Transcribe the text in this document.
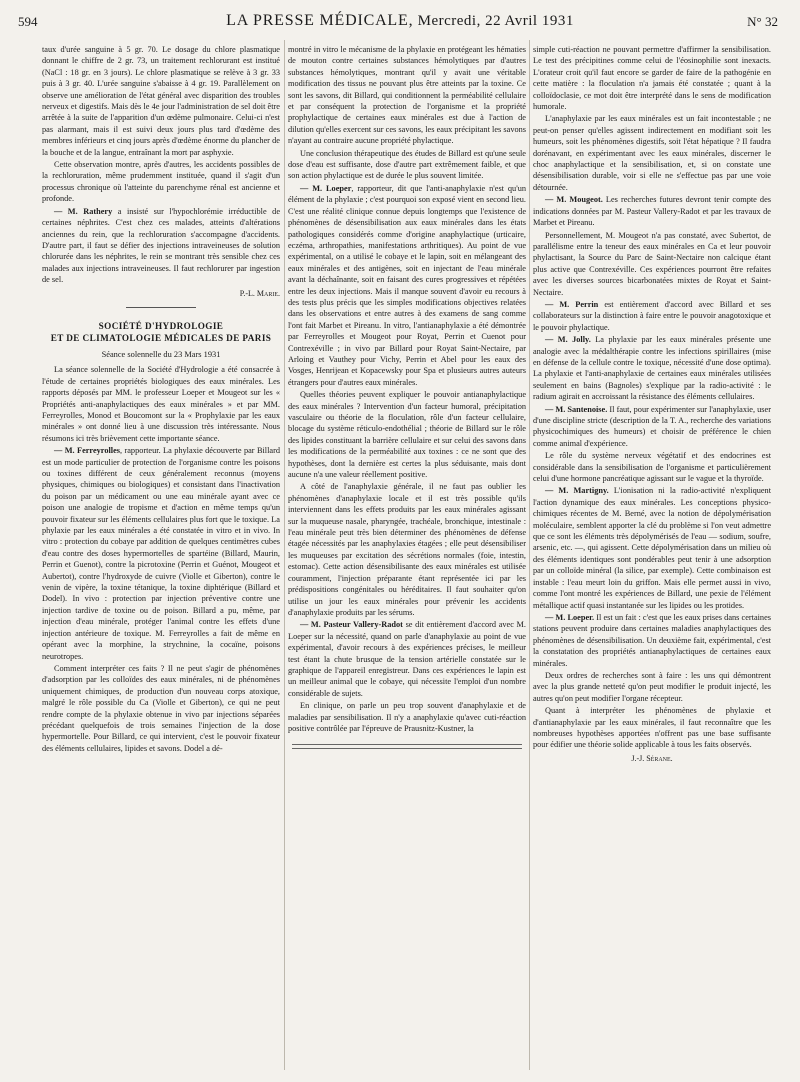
594	LA PRESSE MÉDICALE, Mercredi, 22 Avril 1931	N° 32

taux d'urée sanguine à 5 gr. 70. Le dosage du chlore plasmatique donnant le chiffre de 2 gr. 73, un traitement rechlorurant est institué (NaCl : 18 gr. en 3 jours). Le chlore plasmatique se relève à 3 gr. 33 puis à 3 gr. 40. L'urée sanguine s'abaisse à 4 gr. 19. Parallèlement on observe une amélioration de l'état général avec disparition des troubles nerveux et digestifs. Mais dès le 4e jour l'administration de sel doit être arrêtée à la suite de l'apparition d'un œdème pulmonaire. Celui-ci n'est pas alarmant, mais il est suivi deux jours plus tard d'œdème des membres inférieurs et cinq jours après d'œdème énorme du plancher de la bouche et de la langue, entraînant la mort par asphyxie.

Cette observation montre, après d'autres, les accidents possibles de la rechloruration, même prudemment instituée, quand il s'agit d'un processus chronique où l'atteinte du parenchyme rénal est ancienne et profonde.

— M. Rathery a insisté sur l'hypochlorémie irréductible de certaines néphrites. C'est chez ces malades, atteints d'altérations anciennes du rein, que la rechloruration s'accompagne d'accidents. D'autre part, il faut se défier des injections intraveineuses de solution chlorurée dans les néphrites, le rein se montrant très sensible chez ces malades aux injections intraveineuses. Il faut rechlorurer par ingestion de sel.

P.-L. Marie.
SOCIÉTÉ D'HYDROLOGIE
ET DE CLIMATOLOGIE MÉDICALES DE PARIS
Séance solennelle du 23 Mars 1931

La séance solennelle de la Société d'Hydrologie a été consacrée à l'étude de certaines propriétés biologiques des eaux minérales. Les rapports déposés par MM. le professeur Loeper et Mougeot sur les « Propriétés anti-anaphylactiques des eaux minérales » et par MM. Ferreyrolles, Monod et Boucomont sur la « Prophylaxie par les eaux minérales » ont donné lieu à une discussion très intéressante. Nous résumons ici très brièvement cette importante séance.

— M. Ferreyrolles, rapporteur. La phylaxie découverte par Billard est un mode particulier de protection de l'organisme contre les poisons ou toxines différent de ceux généralement reconnus (moyens physiques, chimiques ou biologiques) et consistant dans l'inactivation du poison par un médicament ou une eau minérale ayant avec ce poison une analogie de tropisme et d'action en même temps qu'un pouvoir fixateur sur les éléments cellulaires plus fort que le toxique. La phylaxie par les eaux minérales a été constatée in vitro et in vivo. In vitro : protection du cobaye par addition de quelques centimètres cubes d'eau contre des doses hypermortelles de spartéine (Billard, Maurin, Perrin et Guenot), contre la picrotoxine (Perrin et Guénot, Mougeot et Aubertot), contre l'hydroxyde de cuivre (Violle et Giberton), contre le venin de vipère, la toxine tétanique, la toxine diphtérique (Billard et Dodel). In vivo : protection par injection préventive contre une injection tardive de toxine ou de poison. Billard a pu, même, par injection d'eau minérale, protéger l'animal contre les effets d'une injection antérieure de toxique. M. Ferreyrolles a fait de même en opérant avec la morphine, la strychnine, la cocaïne, poisons neurotropes.

Comment interpréter ces faits ? Il ne peut s'agir de phénomènes d'adsorption par les colloïdes des eaux minérales, ni de phénomènes uniquement chimiques, de production d'un nouveau corps atoxique, malgré le rôle possible du Ca (Violle et Giberton), ce qui ne peut rendre compte de la phylaxie obtenue in vivo par injections séparées précédant quelquefois de trois semaines l'injection de la dose hypermortelle. Pour Billard, ce qui intervient, c'est le pouvoir fixateur des éléments cellulaires, lipides et savons. Dodel a dé-

montré in vitro le mécanisme de la phylaxie en protégeant les hématies de mouton contre certaines substances hémolytiques par d'autres substances hémolytiques, montrant qu'il y avait une véritable modification des tissus ne pouvant plus être atteints par la toxine. Ce sont les savons, dit Billard, qui conditionnent la perméabilité cellulaire et par conséquent la protection de l'organisme et la propriété prophylactique de certaines eaux minérales est due à l'action de dilution qu'elles exercent sur ces savons, les eaux précipitant les savons n'ayant au contraire aucune propriété phylactique.

Une conclusion thérapeutique des études de Billard est qu'une seule dose d'eau est suffisante, dose d'autre part extrêmement faible, et que son action phylactique est de durée le plus souvent limitée.

— M. Loeper, rapporteur, dit que l'anti-anaphylaxie n'est qu'un élément de la phylaxie ; c'est pourquoi son exposé vient en second lieu. C'est une réalité clinique connue depuis longtemps que l'existence de phénomènes de désensibilisation aux eaux minérales dans les états pathologiques considérés comme d'origine anaphylactique (urticaire, eczéma, arthropathies, manifestations arthritiques). Au point de vue expérimental, on a utilisé le cobaye et le lapin, soit en mélangeant des eaux minérales et des antigènes, soit en injectant de l'eau minérale avant la déchaînante, soit en faisant des cures progressives et répétées entre les deux injections. Mais il manque souvent d'avoir eu recours à des tests plus précis que les simples modifications objectives relatées dans les observations et entre autres à des examens de sang comme l'ont fait Marbet et Pireanu. In vitro, l'antianaphylaxie a été démontrée par Ferreyrolles et Mougeot pour Royat, Perrin et Cuenot pour Contrexéville ; in vivo par Billard pour Royat Saint-Nectaire, par Arloing et Vauthey pour Vichy, Perrin et Abel pour les eaux des Vosges, Henrijean et Kopacewsky pour Spa et plusieurs autres auteurs étrangers pour d'autres eaux minérales.

Quelles théories peuvent expliquer le pouvoir antianaphylactique des eaux minérales ? Intervention d'un facteur humoral, précipitation vasculaire ou théorie de la floculation, rôle d'un facteur cellulaire, blocage du système réticulo-endothélial ; théorie de Billard sur le rôle des lipides constituant la barrière cellulaire et sur celui des savons dans les modifications de la perméabilité aux toxines : ce ne sont que des hypothèses, dont la dernière est certes la plus séduisante, mais dont aucune n'a une valeur réellement positive.

A côté de l'anaphylaxie générale, il ne faut pas oublier les phénomènes d'anaphylaxie locale et il est très possible qu'ils interviennent dans les effets produits par les eaux minérales agissant sur la muqueuse nasale, pharyngée, trachéale, bronchique, intestinale : l'eau minérale peut très bien déterminer des phénomènes de défense étagée nécessités par les anaphylaxies étagées ; elle peut désensibiliser les muqueuses par excitation des sécrétions normales (foie, intestin, estomac). Cette action désensibilisante des eaux minérales est utilisée couramment, l'injection préparante étant représentée ici par les prédispositions congénitales ou héréditaires. Il faut souhaiter qu'on utilise un jour les eaux minérales pour prévenir les accidents d'anaphylaxie produits par les sérums.

— M. Pasteur Vallery-Radot se dit entièrement d'accord avec M. Loeper sur la nécessité, quand on parle d'anaphylaxie au point de vue expérimental, d'avoir recours à des expériences précises, le meilleur test étant la chute brusque de la tension artérielle constatée sur le graphique de l'appareil enregistreur. Dans ces expériences le lapin est un meilleur animal que le cobaye, qui nécessite l'emploi d'un nombre considérable de sujets.

En clinique, on parle un peu trop souvent d'anaphylaxie et de maladies par sensibilisation. Il n'y a anaphylaxie qu'avec cuti-réaction positive contrôlée par l'épreuve de Prausnitz-Kustner, la

simple cuti-réaction ne pouvant permettre d'affirmer la sensibilisation. Le test des précipitines comme celui de l'éosinophilie sont inexacts. L'orateur croit qu'il faut encore se garder de faire de la pathogénie en cette matière : la floculation n'a jamais été constatée ; quant à la colloïdoclasie, ce mot doit être interprété dans le sens de modification humorale.

L'anaphylaxie par les eaux minérales est un fait incontestable ; ne peut-on penser qu'elles agissent indirectement en modifiant soit les humeurs, soit les phénomènes digestifs, soit l'état hépatique ? Il faudra dorénavant, en expérimentant avec les eaux minérales, discerner le choc anaphylactique et la sensibilisation, et, si on constate une désensibilisation durable, voir si elle ne s'effectue pas par une voie détournée.

— M. Mougeot. Les recherches futures devront tenir compte des indications données par M. Pasteur Vallery-Radot et par les travaux de Marbet et Pireanu.

Personnellement, M. Mougeot n'a pas constaté, avec Subertot, de parallélisme entre la teneur des eaux minérales en Ca et leur pouvoir phylactisant, la Source du Parc de Saint-Nectaire non calcique étant plus active que Contrexéville. Ces expériences pourront être refaites avec les diverses sources bicarbonatées mixtes de Royat et Saint-Nectaire.

— M. Perrin est entièrement d'accord avec Billard et ses collaborateurs sur la distinction à faire entre le pouvoir anagotoxique et le pouvoir phylactique.

— M. Jolly. La phylaxie par les eaux minérales présente une analogie avec la médalthérapie contre les infections spirillaires (mise en défense de la cellule contre le toxique, nécessité d'une dose optima). La phylaxie et l'anti-anaphylaxie de certaines eaux minérales utilisées seulement en bains (Bagnoles) s'explique par la radio-activité : le radium agirait en accroissant la résistance des éléments cellulaires.

— M. Santenoise. Il faut, pour expérimenter sur l'anaphylaxie, user d'une discipline stricte (description de la T. A., recherche des variations physicochimiques des humeurs) et choisir de préférence le chien comme animal d'expérience.

Le rôle du système nerveux végétatif et des endocrines est considérable dans la sensibilisation de l'organisme et particulièrement celui d'une hormone pancréatique agissant sur le vague et la thyroïde.

— M. Martigny. L'ionisation ni la radio-activité n'expliquent l'action dynamique des eaux minérales. Les conceptions physico-chimiques récentes de M. Berné, avec la notion de dépolymérisation moléculaire, semblent apporter la clé du problème si l'on veut admettre que ce sont les éléments très dépolymérisés de l'eau — sodium, soufre, arsenic, etc. —, qui agissent. Cette dépolymérisation dans un milieu où des éléments identiques sont pondérables peut tenir à une adsorption par un colloïde minéral (la silice, par exemple). Cette combinaison est instable : l'eau meurt loin du griffon. Mais elle permet aussi in vivo, comme l'ont montré les expériences de Billard, une pexie de l'élément métallique actif quasi instantanée sur les lipides ou les protides.

— M. Loeper. Il est un fait : c'est que les eaux prises dans certaines stations peuvent produire dans certaines maladies anaphylactiques des phénomènes de désensibilisation. Un deuxième fait, expérimental, c'est la constatation des propriétés antianaphylactiques de certaines eaux minérales.

Deux ordres de recherches sont à faire : les uns qui démontrent avec la plus grande netteté qu'on peut modifier le produit injecté, les autres qu'on peut modifier l'organe récepteur.

Quant à interpréter les phénomènes de phylaxie et d'antianaphylaxie par les eaux minérales, il faut reconnaître que les nombreuses hypothèses apportées n'offrent pas une base suffisante pour édifier une théorie solide applicable à tous les faits observés.

J.-J. Sérane.
